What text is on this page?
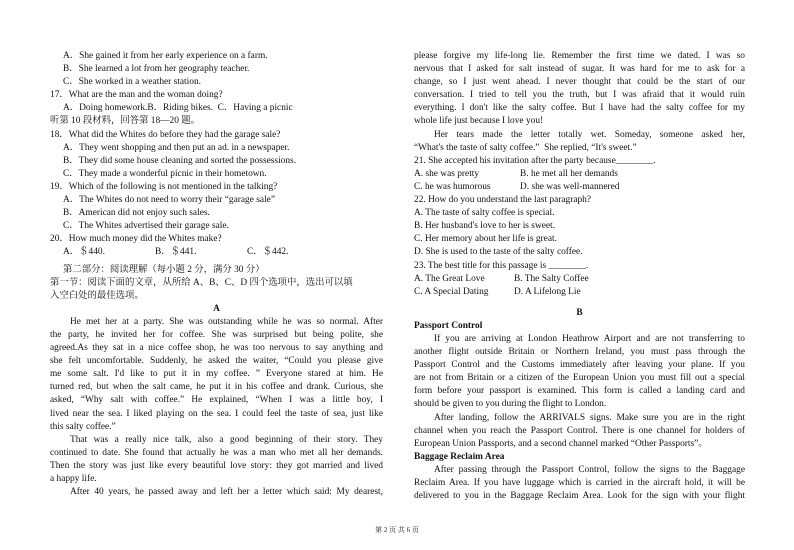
A．She gained it from her early experience on a farm.
B．She learned a lot from her geography teacher.
C．She worked in a weather station.
17．What are the man and the woman doing?
A．Doing homework.B．Riding bikes.  C．Having a picnic
听第 10 段材料，回答第 18—20 题。
18．What did the Whites do before they had the garage sale?
A．They went shopping and then put an ad. in a newspaper.
B．They did some house cleaning and sorted the possessions.
C．They made a wonderful picnic in their hometown.
19．Which of the following is not mentioned in the talking?
A．The Whites do not need to worry their “garage sale”
B．American did not enjoy such sales.
C．The Whites advertised their garage sale.
20．How much money did the Whites make?
A．＄440.	B．＄441.	C．＄442.
第二部分：阅读理解（每小题 2 分，满分 30 分）
第一节：阅读下面的文章，从所给 A、B、C、D 四个选项中，选出可以填
入空白处的最佳选项。
A
He met her at a party. She was outstanding while he was so normal. After
the party, he invited her for coffee. She was surprised but being polite, she
agreed.As they sat in a nice coffee shop, he was too nervous to say anything and
she felt uncomfortable. Suddenly, he asked the waiter, “Could you please give
me some salt. I'd like to put it in my coffee. ” Everyone stared at him. He
turned red, but when the salt came, he put it in his coffee and drank. Curious, she
asked, “Why salt with coffee.” He explained, “When I was a little boy, I
lived near the sea. I liked playing on the sea. I could feel the taste of sea, just like
this salty coffee.”
That was a really nice talk, also a good beginning of their story. They
continued to date. She found that actually he was a man who met all her demands.
Then the story was just like every beautiful love story: they got married and lived
a happy life.
After 40 years, he passed away and left her a letter which said: My dearest,
please forgive my life-long lie. Remember the first time we dated. I was so
nervous that I asked for salt instead of sugar. It was hard for me to ask for a
change, so I just went ahead. I never thought that could be the start of our
conversation. I tried to tell you the truth, but I was afraid that it would ruin
everything. I don't like the salty coffee. But I have had the salty coffee for my
whole life just because I love you!
Her tears made the letter totally wet. Someday, someone asked her,
“What's the taste of salty coffee.”  She replied, “It's sweet.”
21. She accepted his invitation after the party because________.
A. she was pretty	B. he met all her demands
C. he was humorous	D. she was well-mannered
22. How do you understand the last paragraph?
A. The taste of salty coffee is special.
B. Her husband's love to her is sweet.
C. Her memory about her life is great.
D. She is used to the taste of the salty coffee.
23. The best title for this passage is ________.
A. The Great Love	B. The Salty Coffee
C. A Special Dating	D. A Lifelong Lie
B
Passport Control
If you are arriving at London Heathrow Airport and are not transferring to
another flight outside Britain or Northern Ireland, you must pass through the
Passport Control and the Customs immediately after leaving your plane. If you
are not from Britain or a citizen of the European Union you must fill out a special
form before your passport is examined. This form is called a landing card and
should be given to you during the flight to London.
After landing, follow the ARRIVALS signs. Make sure you are in the right
channel when you reach the Passport Control. There is one channel for holders of
European Union Passports, and a second channel marked “Other Passports”。
Baggage Reclaim Area
After passing through the Passport Control, follow the signs to the Baggage
Reclaim Area. If you have luggage which is carried in the aircraft hold, it will be
delivered to you in the Baggage Reclaim Area. Look for the sign with your flight
第 2 页 共 6 页
